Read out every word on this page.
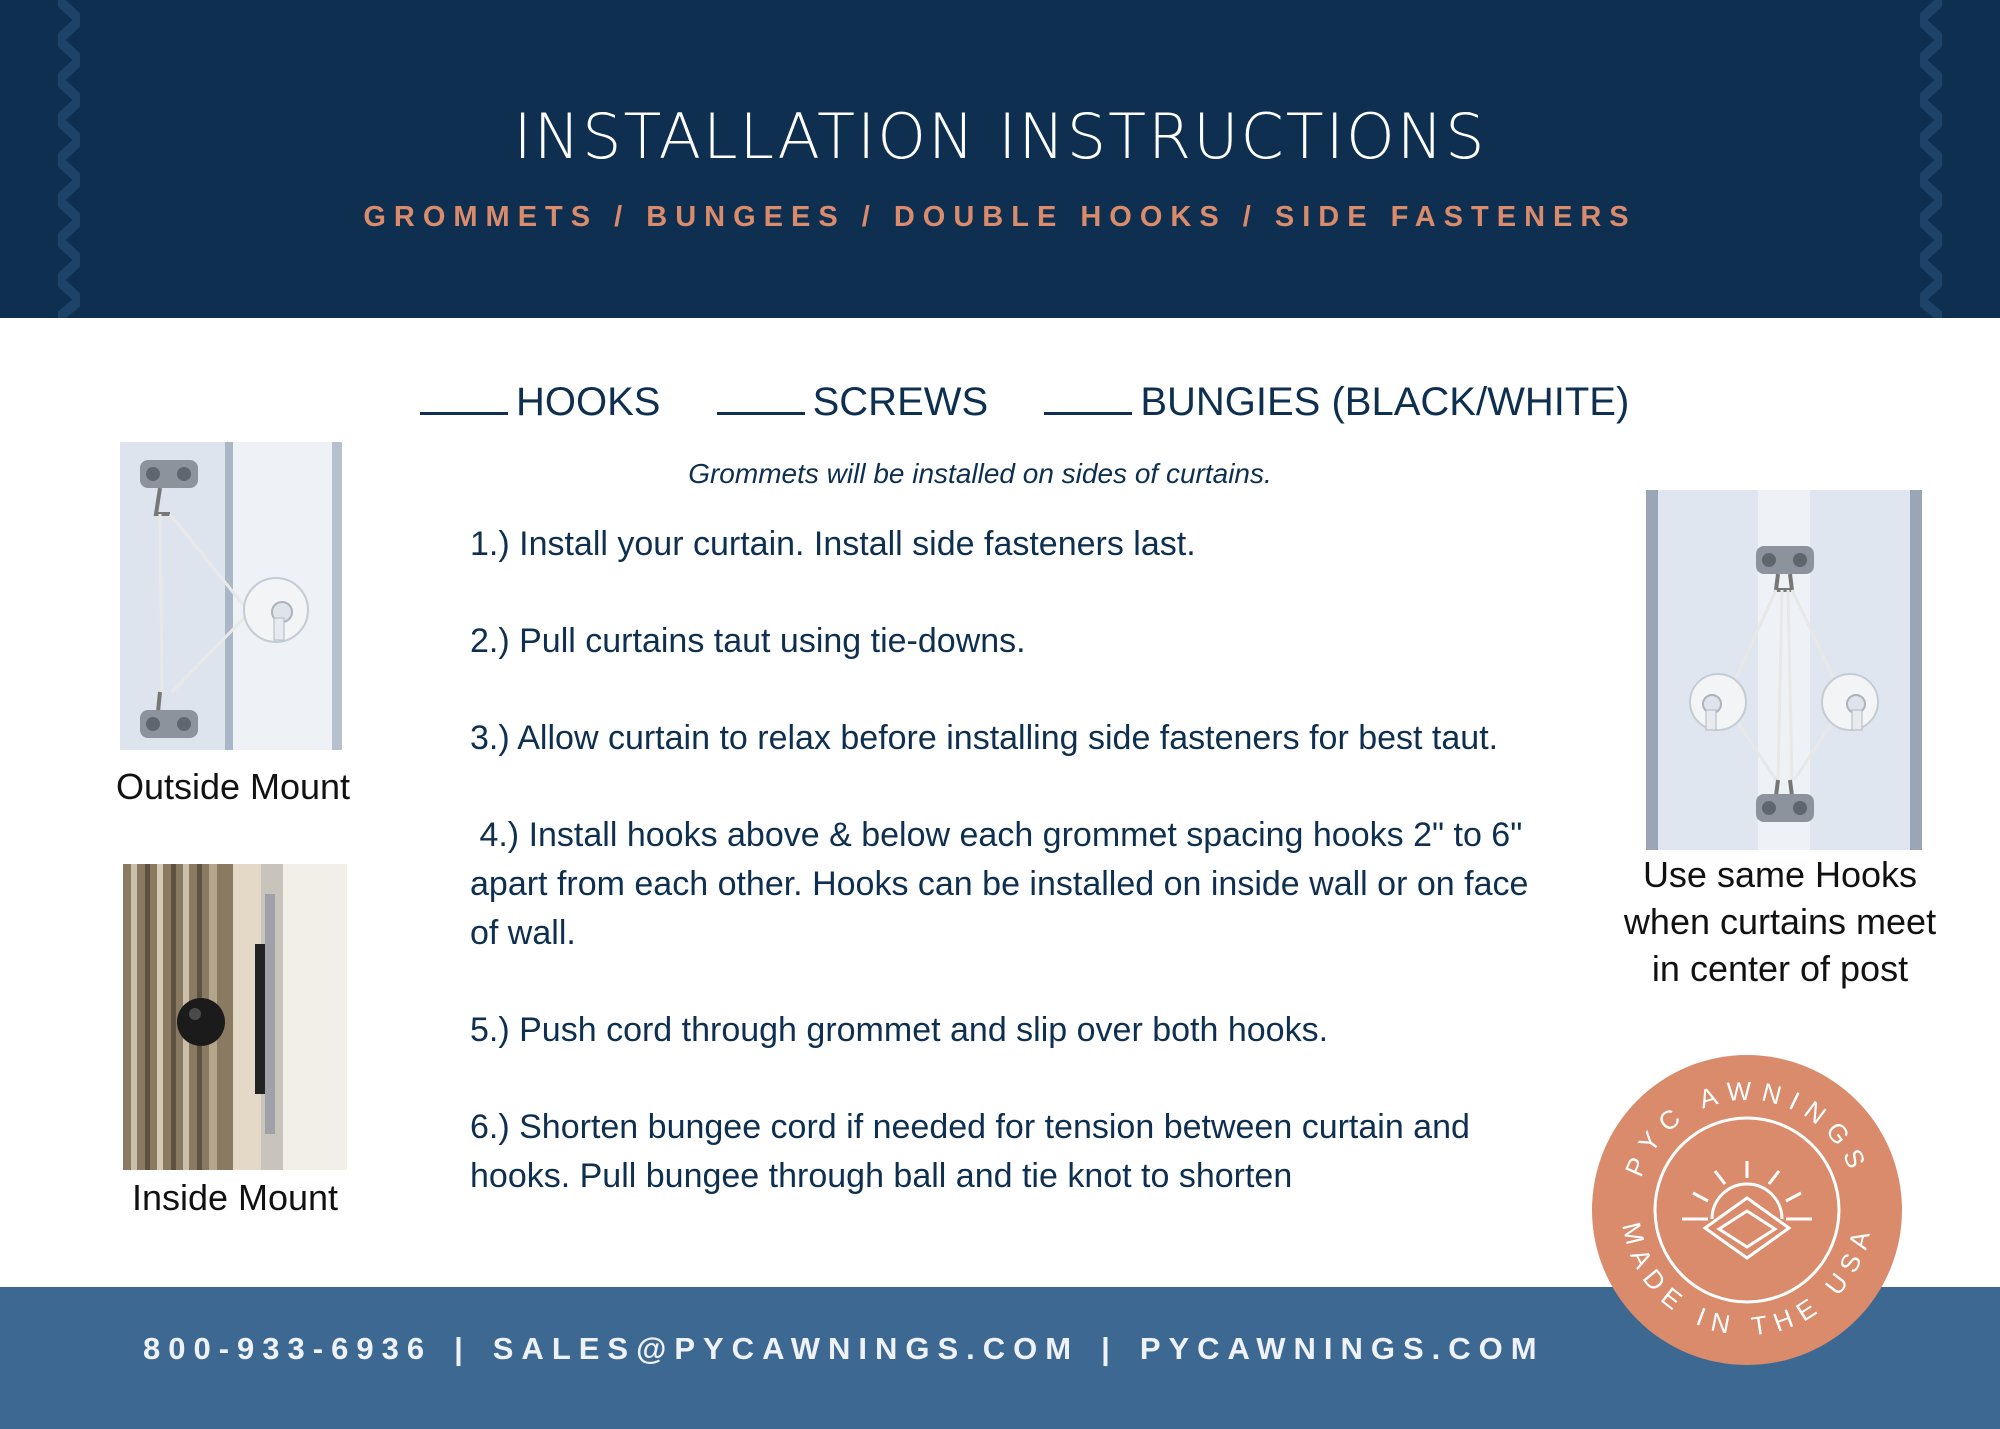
INSTALLATION INSTRUCTIONS
GROMMETS / BUNGEES / DOUBLE HOOKS / SIDE FASTENERS
HOOKS	SCREWS	BUNGIES (BLACK/WHITE)
Grommets will be installed on sides of curtains.

1.) Install your curtain. Install side fasteners last.

2.) Pull curtains taut using tie-downs.

3.) Allow curtain to relax before installing side fasteners for best taut.

4.) Install hooks above & below each grommet spacing hooks 2" to 6" apart from each other. Hooks can be installed on inside wall or on face of wall.

5.) Push cord through grommet and slip over both hooks.

6.) Shorten bungee cord if needed for tension between curtain and hooks. Pull bungee through ball and tie knot to shorten

Outside Mount
Inside Mount
Use same Hooks
when curtains meet
in center of post
800-933-6936 | SALES@PYCAWNINGS.COM | PYCAWNINGS.COM
PYC AWNINGS
MADE IN THE USA
